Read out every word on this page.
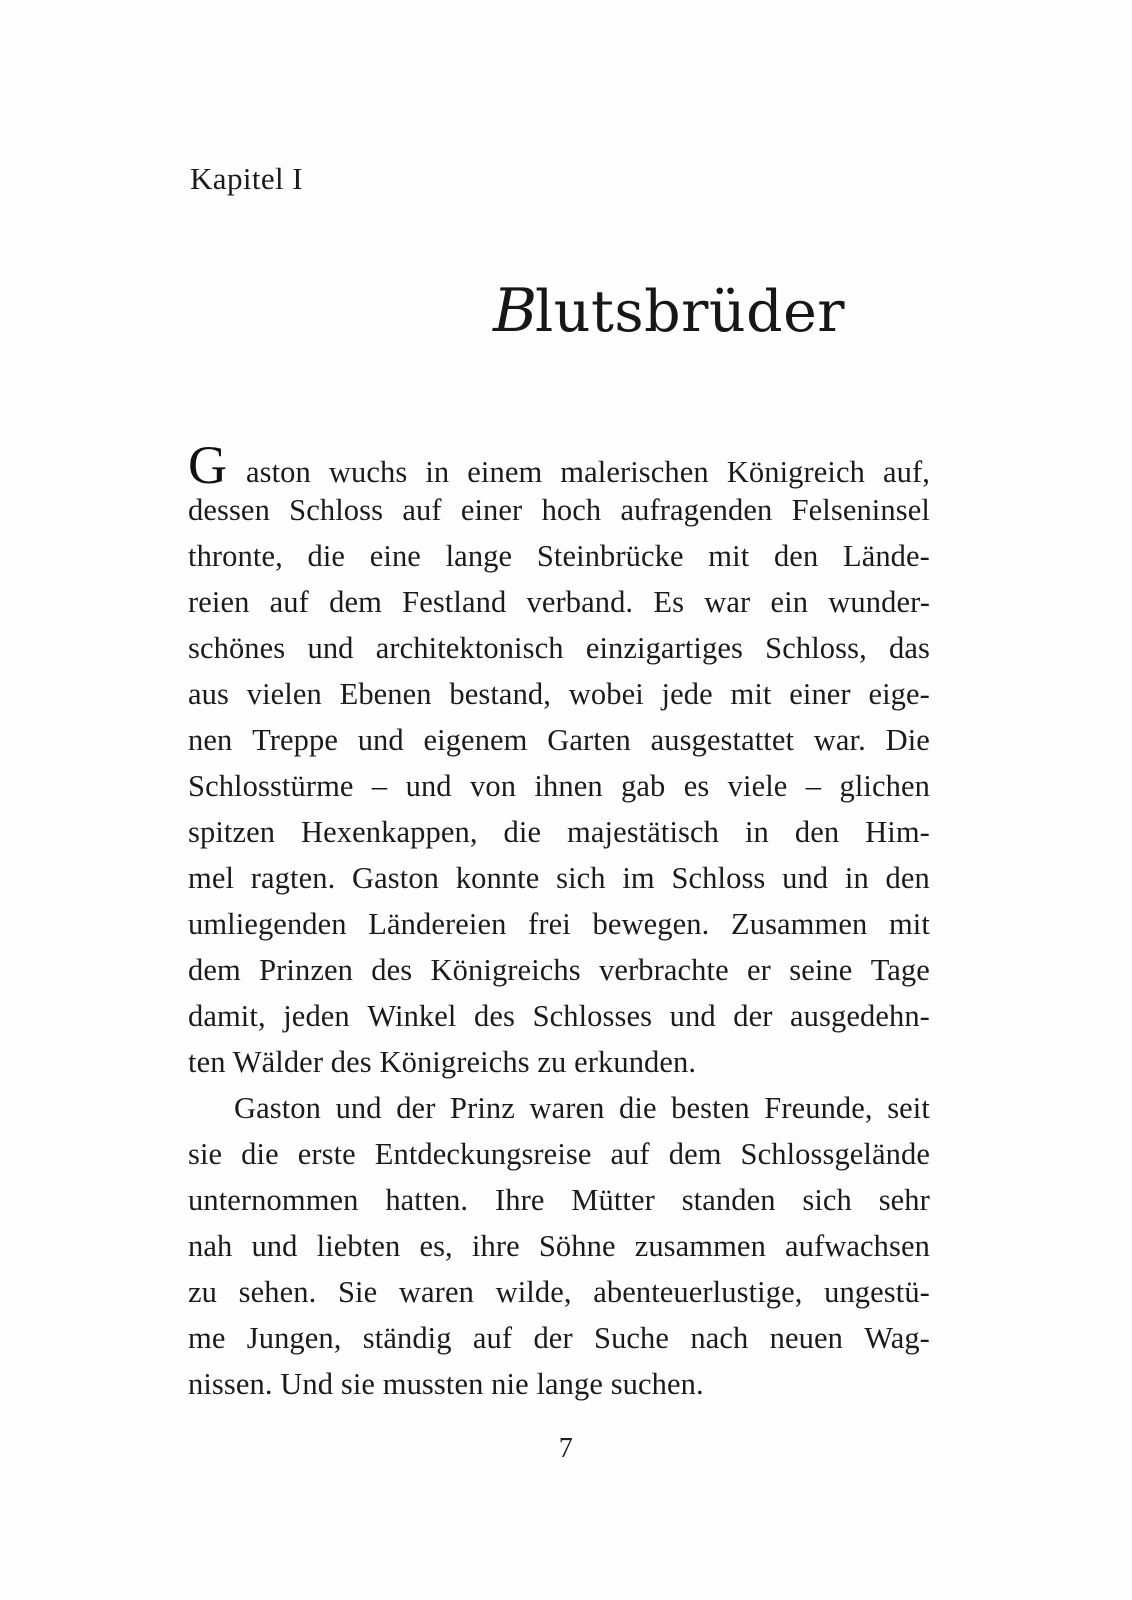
Kapitel I
Blutsbrüder
G aston wuchs in einem malerischen Königreich auf,
dessen Schloss auf einer hoch aufragenden Felseninsel
thronte, die eine lange Steinbrücke mit den Lände-
reien auf dem Festland verband. Es war ein wunder-
schönes und architektonisch einzigartiges Schloss, das
aus vielen Ebenen bestand, wobei jede mit einer eige-
nen Treppe und eigenem Garten ausgestattet war. Die
Schlosstürme – und von ihnen gab es viele – glichen
spitzen Hexenkappen, die majestätisch in den Him-
mel ragten. Gaston konnte sich im Schloss und in den
umliegenden Ländereien frei bewegen. Zusammen mit
dem Prinzen des Königreichs verbrachte er seine Tage
damit, jeden Winkel des Schlosses und der ausgedehn-
ten Wälder des Königreichs zu erkunden.
Gaston und der Prinz waren die besten Freunde, seit
sie die erste Entdeckungsreise auf dem Schlossgelände
unternommen hatten. Ihre Mütter standen sich sehr
nah und liebten es, ihre Söhne zusammen aufwachsen
zu sehen. Sie waren wilde, abenteuerlustige, ungestü-
me Jungen, ständig auf der Suche nach neuen Wag-
nissen. Und sie mussten nie lange suchen.
7
